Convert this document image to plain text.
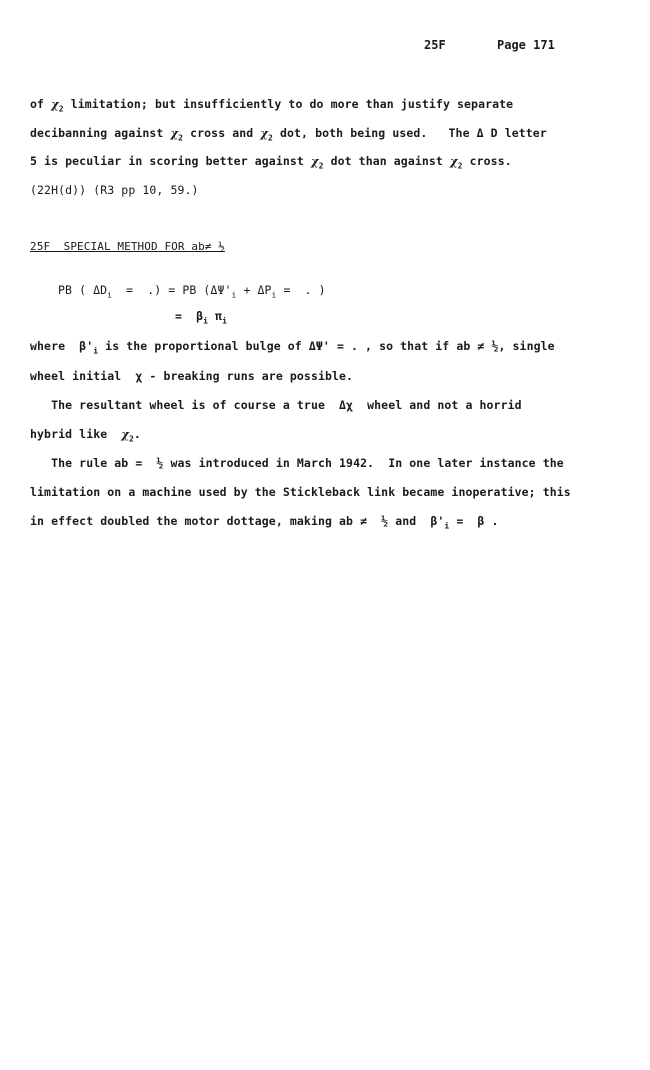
25F	Page 171
of $\chi_2$ limitation; but insufficiently to do more than justify separate
decibanning against $\chi_2$ cross and $\chi_2$ dot, both being used.   The Δ D letter
5 is peculiar in scoring better against $\chi_2$ dot than against $\chi_2$ cross.
(22H(d)) (R3 pp 10, 59.)
25F  SPECIAL METHOD FOR ab≠ ½
PB ( $\Delta D_i$  =  .) = PB ($\Delta\Psi'_i + \Delta P_i$ =  . )
=  $\beta_i$ $\pi_i$
where  $\beta'_i$ is the proportional bulge of ΔΨ' = . , so that if ab ≠ ½, single
wheel initial  χ - breaking runs are possible.
The resultant wheel is of course a true  Δχ  wheel and not a horrid
hybrid like  $\chi_2$.
The rule ab =  ½ was introduced in March 1942.  In one later instance the
limitation on a machine used by the Stickleback link became inoperative; this
in effect doubled the motor dottage, making ab ≠  ½ and  $\beta'_i = \beta$ .
